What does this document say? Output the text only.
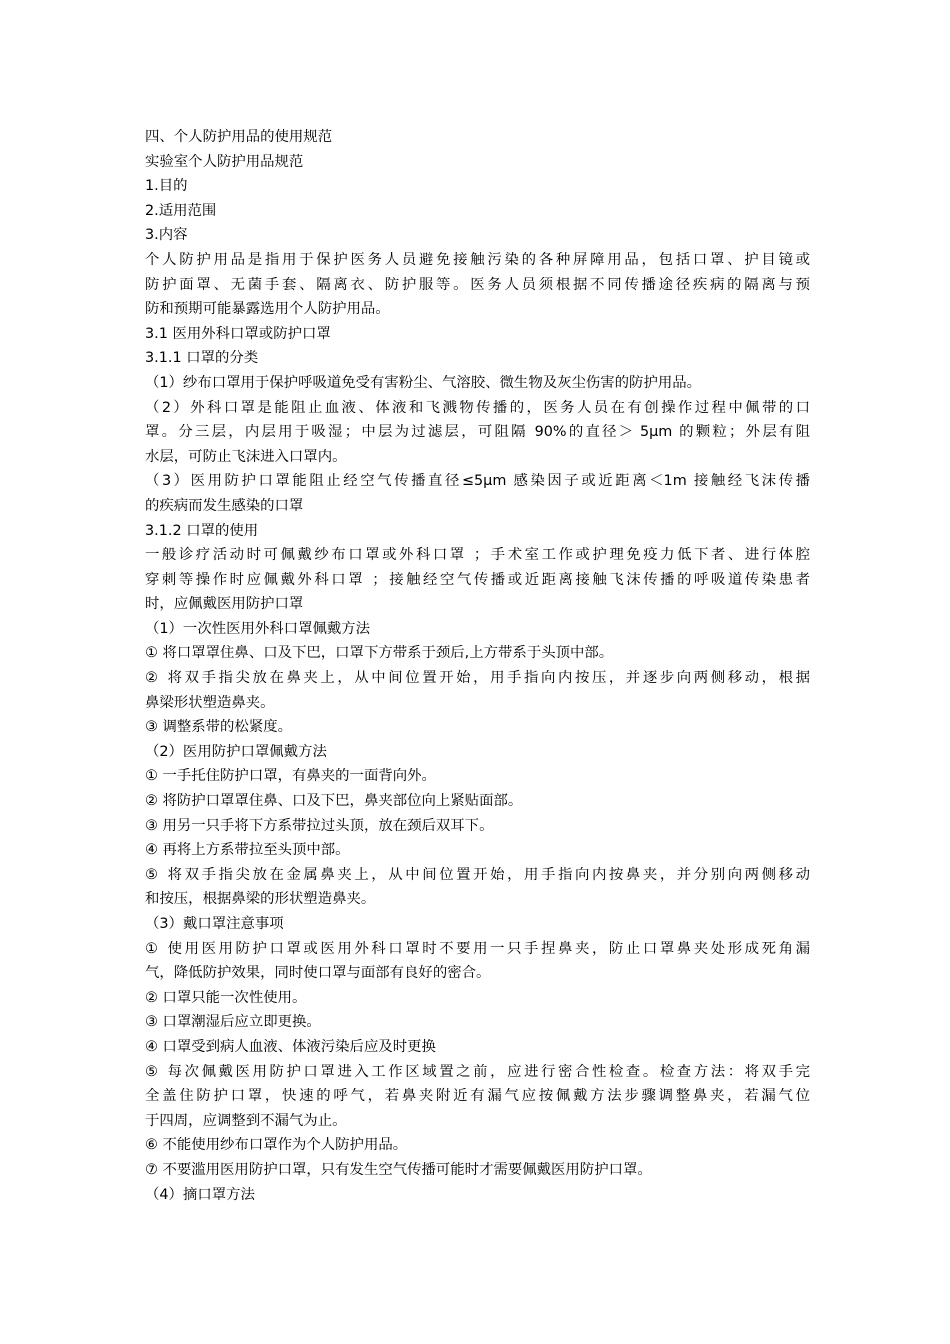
四、个人防护用品的使用规范

实验室个人防护用品规范

1.目的

2.适用范围

3.内容

个人防护用品是指用于保护医务人员避免接触污染的各种屏障用品，包括口罩、护目镜或

防护面罩、无菌手套、隔离衣、防护服等。医务人员须根据不同传播途径疾病的隔离与预

防和预期可能暴露选用个人防护用品。

3.1 医用外科口罩或防护口罩

3.1.1 口罩的分类

（1）纱布口罩用于保护呼吸道免受有害粉尘、气溶胶、微生物及灰尘伤害的防护用品。

（2）外科口罩是能阻止血液、体液和飞溅物传播的，医务人员在有创操作过程中佩带的口

罩。分三层，内层用于吸湿；中层为过滤层，可阻隔 90%的直径＞ 5μm 的颗粒；外层有阻

水层，可防止飞沫进入口罩内。

（3）医用防护口罩能阻止经空气传播直径≤5μm 感染因子或近距离＜1m 接触经飞沫传播

的疾病而发生感染的口罩

3.1.2 口罩的使用

一般诊疗活动时可佩戴纱布口罩或外科口罩 ；手术室工作或护理免疫力低下者、进行体腔

穿刺等操作时应佩戴外科口罩 ；接触经空气传播或近距离接触飞沫传播的呼吸道传染患者

时，应佩戴医用防护口罩

（1）一次性医用外科口罩佩戴方法

① 将口罩罩住鼻、口及下巴，口罩下方带系于颈后,上方带系于头顶中部。

② 将双手指尖放在鼻夹上，从中间位置开始，用手指向内按压，并逐步向两侧移动，根据

鼻梁形状塑造鼻夹。

③ 调整系带的松紧度。

（2）医用防护口罩佩戴方法

① 一手托住防护口罩，有鼻夹的一面背向外。

② 将防护口罩罩住鼻、口及下巴，鼻夹部位向上紧贴面部。

③ 用另一只手将下方系带拉过头顶，放在颈后双耳下。

④ 再将上方系带拉至头顶中部。

⑤ 将双手指尖放在金属鼻夹上，从中间位置开始，用手指向内按鼻夹，并分别向两侧移动

和按压，根据鼻梁的形状塑造鼻夹。

（3）戴口罩注意事项

① 使用医用防护口罩或医用外科口罩时不要用一只手捏鼻夹，防止口罩鼻夹处形成死角漏

气，降低防护效果，同时使口罩与面部有良好的密合。

② 口罩只能一次性使用。

③ 口罩潮湿后应立即更换。

④ 口罩受到病人血液、体液污染后应及时更换

⑤ 每次佩戴医用防护口罩进入工作区域置之前，应进行密合性检查。检查方法：将双手完

全盖住防护口罩，快速的呼气，若鼻夹附近有漏气应按佩戴方法步骤调整鼻夹，若漏气位

于四周，应调整到不漏气为止。

⑥ 不能使用纱布口罩作为个人防护用品。

⑦ 不要滥用医用防护口罩，只有发生空气传播可能时才需要佩戴医用防护口罩。

（4）摘口罩方法
